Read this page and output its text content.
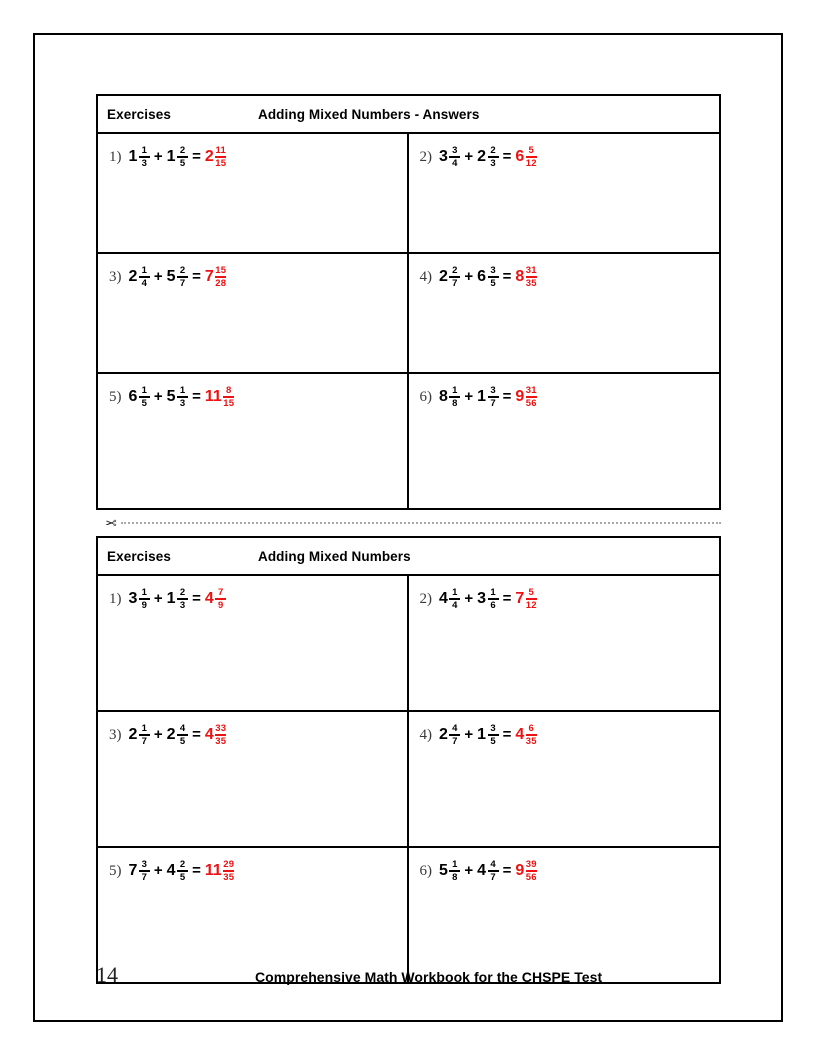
Exercises	Adding Mixed Numbers - Answers
1) $1 \frac{1}{3} + 1 \frac{2}{5} = 2 \frac{11}{15}$	2) $3 \frac{3}{4} + 2 \frac{2}{3} = 6 \frac{5}{12}$
3) $2 \frac{1}{4} + 5 \frac{2}{7} = 7 \frac{15}{28}$	4) $2 \frac{2}{7} + 6 \frac{3}{5} = 8 \frac{31}{35}$
5) $6 \frac{1}{5} + 5 \frac{1}{3} = 11 \frac{8}{15}$	6) $8 \frac{1}{8} + 1 \frac{3}{7} = 9 \frac{31}{56}$
✂
Exercises	Adding Mixed Numbers
1) $3 \frac{1}{9} + 1 \frac{2}{3} = 4 \frac{7}{9}$	2) $4 \frac{1}{4} + 3 \frac{1}{6} = 7 \frac{5}{12}$
3) $2 \frac{1}{7} + 2 \frac{4}{5} = 4 \frac{33}{35}$	4) $2 \frac{4}{7} + 1 \frac{3}{5} = 4 \frac{6}{35}$
5) $7 \frac{3}{7} + 4 \frac{2}{5} = 11 \frac{29}{35}$	6) $5 \frac{1}{8} + 4 \frac{4}{7} = 9 \frac{39}{56}$
14	Comprehensive Math Workbook for the CHSPE Test
